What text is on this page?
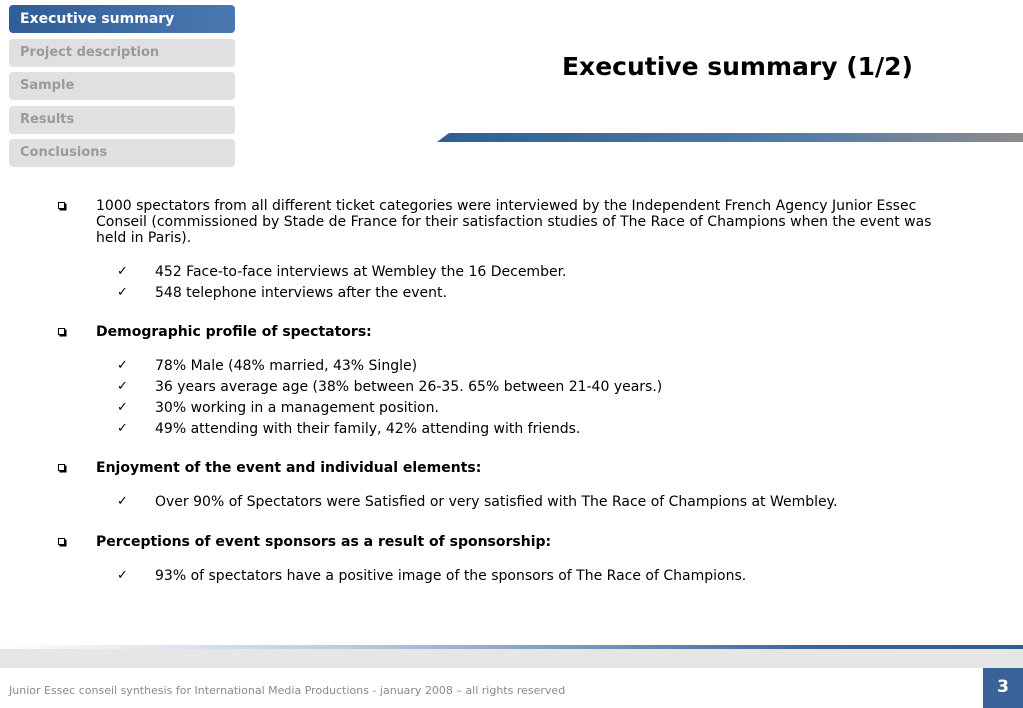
Executive summary
Project description
Sample
Results
Conclusions
Executive summary (1/2)
1000 spectators from all different ticket categories were interviewed by the Independent French Agency Junior Essec Conseil (commissioned by Stade de France for their satisfaction studies of The Race of Champions when the event was held in Paris).
✓ 452 Face-to-face interviews at Wembley the 16 December.
✓ 548 telephone interviews after the event.
Demographic profile of spectators:
✓ 78% Male (48% married, 43% Single)
✓ 36 years average age (38% between 26-35. 65% between 21-40 years.)
✓ 30% working in a management position.
✓ 49% attending with their family, 42% attending with friends.
Enjoyment of the event and individual elements:
✓ Over 90% of Spectators were Satisfied or very satisfied with The Race of Champions at Wembley.
Perceptions of event sponsors as a result of sponsorship:
✓ 93% of spectators have a positive image of the sponsors of The Race of Champions.
Junior Essec conseil synthesis for International Media Productions - january 2008 – all rights reserved	3
